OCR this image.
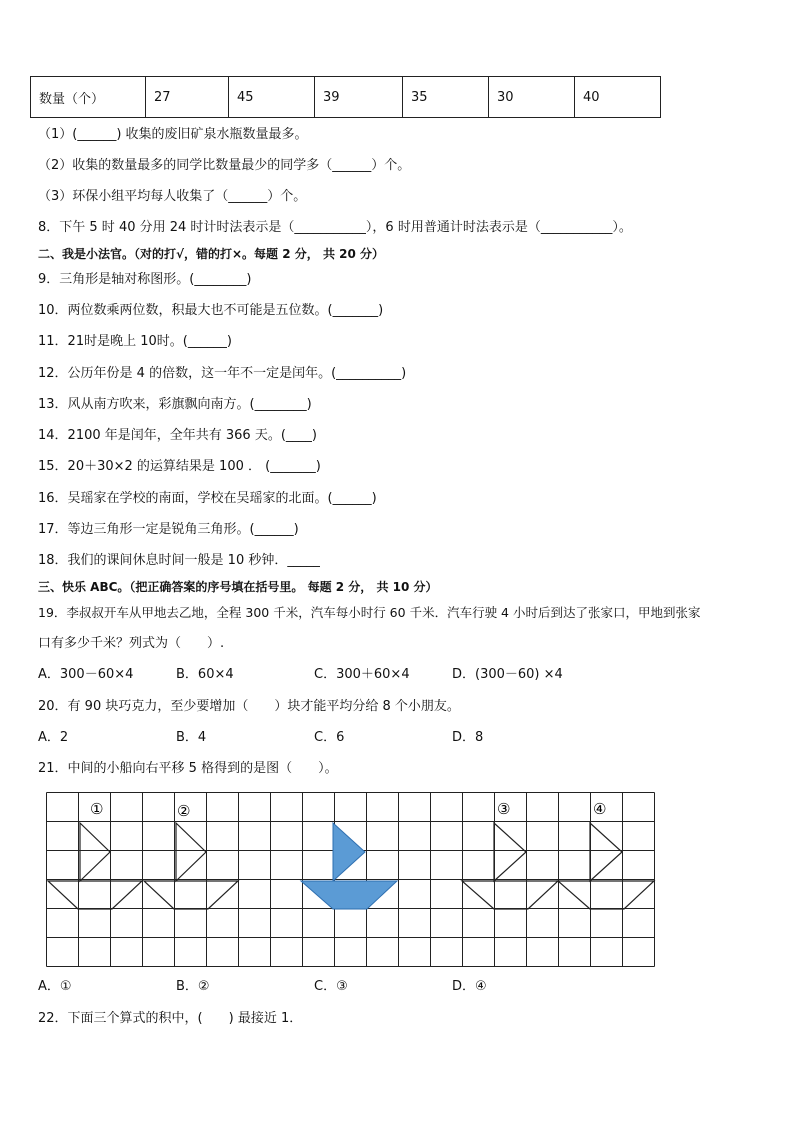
数量（个）	27	45	39	35	30	40
（1）(______) 收集的废旧矿泉水瓶数量最多。
（2）收集的数量最多的同学比数量最少的同学多（______）个。
（3）环保小组平均每人收集了（______）个。
8．下午 5 时 40 分用 24 时计时法表示是（___________），6 时用普通计时法表示是（___________）。
二、我是小法官。（对的打√，错的打×。每题 2 分， 共 20 分）
9．三角形是轴对称图形。(________)
10．两位数乘两位数，积最大也不可能是五位数。(_______)
11．21时是晚上 10时。(______)
12．公历年份是 4 的倍数，这一年不一定是闰年。(__________)
13．风从南方吹来，彩旗飘向南方。(________)
14．2100 年是闰年，全年共有 366 天。(____)
15．20＋30×2 的运算结果是 100 ． (_______)
16．吴瑶家在学校的南面，学校在吴瑶家的北面。(______)
17．等边三角形一定是锐角三角形。(______)
18．我们的课间休息时间一般是 10 秒钟．_____
三、快乐 ABC。（把正确答案的序号填在括号里。 每题 2 分， 共 10 分）
19．李叔叔开车从甲地去乙地，全程 300 千米，汽车每小时行 60 千米．汽车行驶 4 小时后到达了张家口，甲地到张家
口有多少千米？列式为（　　）.
A．300－60×4	B．60×4	C．300＋60×4	D．(300－60) ×4
20．有 90 块巧克力，至少要增加（　　）块才能平均分给 8 个小朋友。
A．2	B．4	C．6	D．8
21．中间的小船向右平移 5 格得到的是图（　　）。
①	②	③	④
A．①	B．②	C．③	D．④
22．下面三个算式的积中，(　　) 最接近 1．
